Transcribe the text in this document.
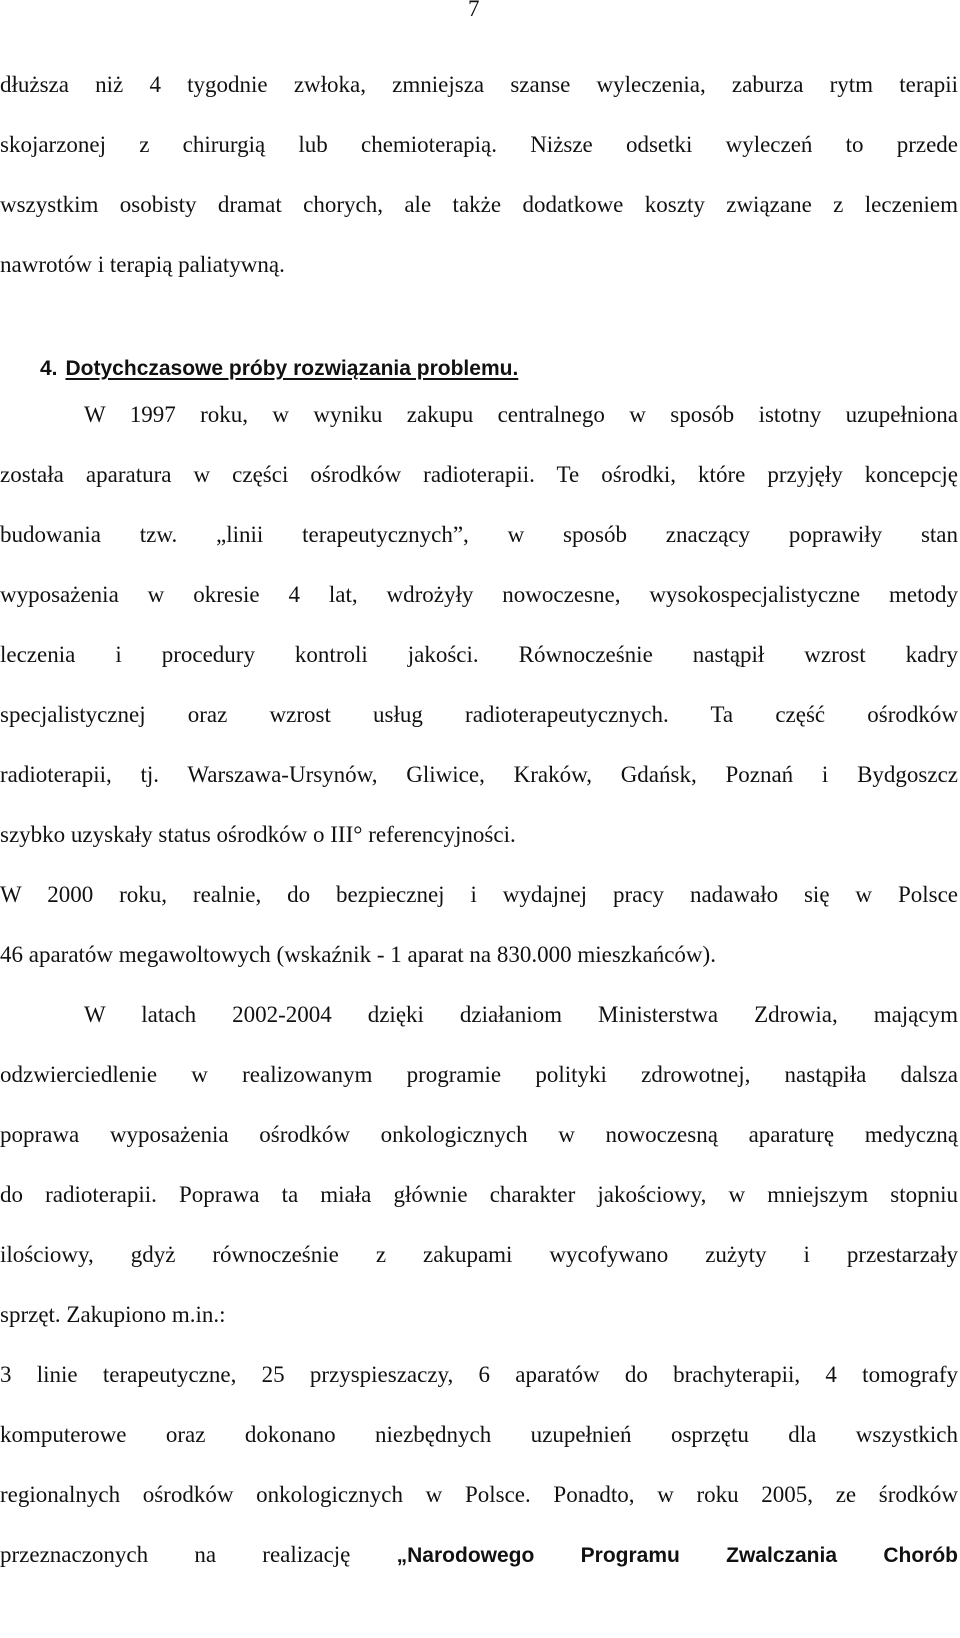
7
dłuższa niż 4 tygodnie zwłoka, zmniejsza szanse wyleczenia, zaburza rytm terapii
skojarzonej z chirurgią lub chemioterapią. Niższe odsetki wyleczeń to przede
wszystkim osobisty dramat chorych, ale także dodatkowe koszty związane z leczeniem
nawrotów i terapią paliatywną.
4. Dotychczasowe próby rozwiązania problemu.
W 1997 roku, w wyniku zakupu centralnego w sposób istotny uzupełniona
została aparatura w części ośrodków radioterapii. Te ośrodki, które przyjęły koncepcję
budowania tzw. „linii terapeutycznych”, w sposób znaczący poprawiły stan
wyposażenia w okresie 4 lat, wdrożyły nowoczesne, wysokospecjalistyczne metody
leczenia i procedury kontroli jakości. Równocześnie nastąpił wzrost kadry
specjalistycznej oraz wzrost usług radioterapeutycznych. Ta część ośrodków
radioterapii, tj. Warszawa-Ursynów, Gliwice, Kraków, Gdańsk, Poznań i Bydgoszcz
szybko uzyskały status ośrodków o III° referencyjności.
W 2000 roku, realnie, do bezpiecznej i wydajnej pracy nadawało się w Polsce
46 aparatów megawoltowych (wskaźnik - 1 aparat na 830.000 mieszkańców).
W latach 2002-2004 dzięki działaniom Ministerstwa Zdrowia, mającym
odzwierciedlenie w realizowanym programie polityki zdrowotnej, nastąpiła dalsza
poprawa wyposażenia ośrodków onkologicznych w nowoczesną aparaturę medyczną
do radioterapii. Poprawa ta miała głównie charakter jakościowy, w mniejszym stopniu
ilościowy, gdyż równocześnie z zakupami wycofywano zużyty i przestarzały
sprzęt. Zakupiono m.in.:
3 linie terapeutyczne, 25 przyspieszaczy, 6 aparatów do brachyterapii, 4 tomografy
komputerowe oraz dokonano niezbędnych uzupełnień osprzętu dla wszystkich
regionalnych ośrodków onkologicznych w Polsce. Ponadto, w roku 2005, ze środków
przeznaczonych na realizację „Narodowego Programu Zwalczania Chorób
